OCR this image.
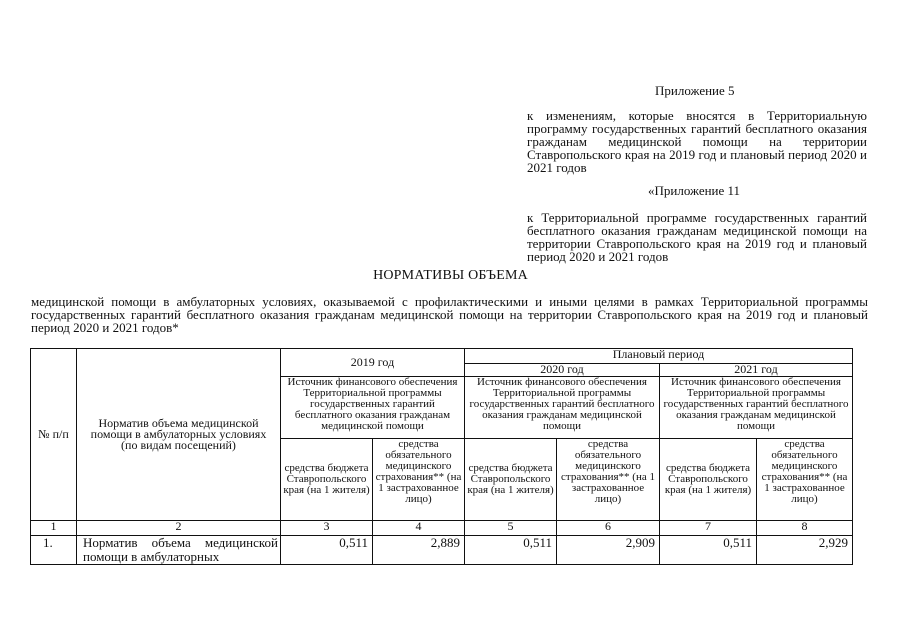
Приложение 5
к изменениям, которые вносятся в Территориальную программу государственных гарантий бесплатного оказания гражданам медицинской помощи на территории Ставропольского края на 2019 год и плановый период 2020 и 2021 годов
«Приложение 11
к Территориальной программе государственных гарантий бесплатного оказания гражданам медицинской помощи на территории Ставропольского края на 2019 год и плановый период 2020 и 2021 годов
НОРМАТИВЫ ОБЪЕМА
медицинской помощи в амбулаторных условиях, оказываемой с профилактическими и иными целями в рамках Территориальной программы государственных гарантий бесплатного оказания гражданам медицинской помощи на территории Ставропольского края на 2019 год и плановый период 2020 и 2021 годов*
№ п/п	Норматив объема медицинской помощи в амбулаторных условиях (по видам посещений)	2019 год		Плановый период			
				2020 год		2021 год	
		Источник финансового обеспечения Территориальной программы государственных гарантий бесплатного оказания гражданам медицинской помощи		Источник финансового обеспечения Территориальной программы государственных гарантий бесплатного оказания гражданам медицинской помощи		Источник финансового обеспечения Территориальной программы государственных гарантий бесплатного оказания гражданам медицинской помощи	
		средства бюджета Ставропольского края (на 1 жителя)	средства обязательного медицинского страхования** (на 1 застрахованное лицо)	средства бюджета Ставропольского края (на 1 жителя)	средства обязательного медицинского страхования** (на 1 застрахованное лицо)	средства бюджета Ставропольского края (на 1 жителя)	средства обязательного медицинского страхования** (на 1 застрахованное лицо)
1	2	3	4	5	6	7	8
1.	Норматив объема медицинской помощи в амбулаторных	0,511	2,889	0,511	2,909	0,511	2,929
